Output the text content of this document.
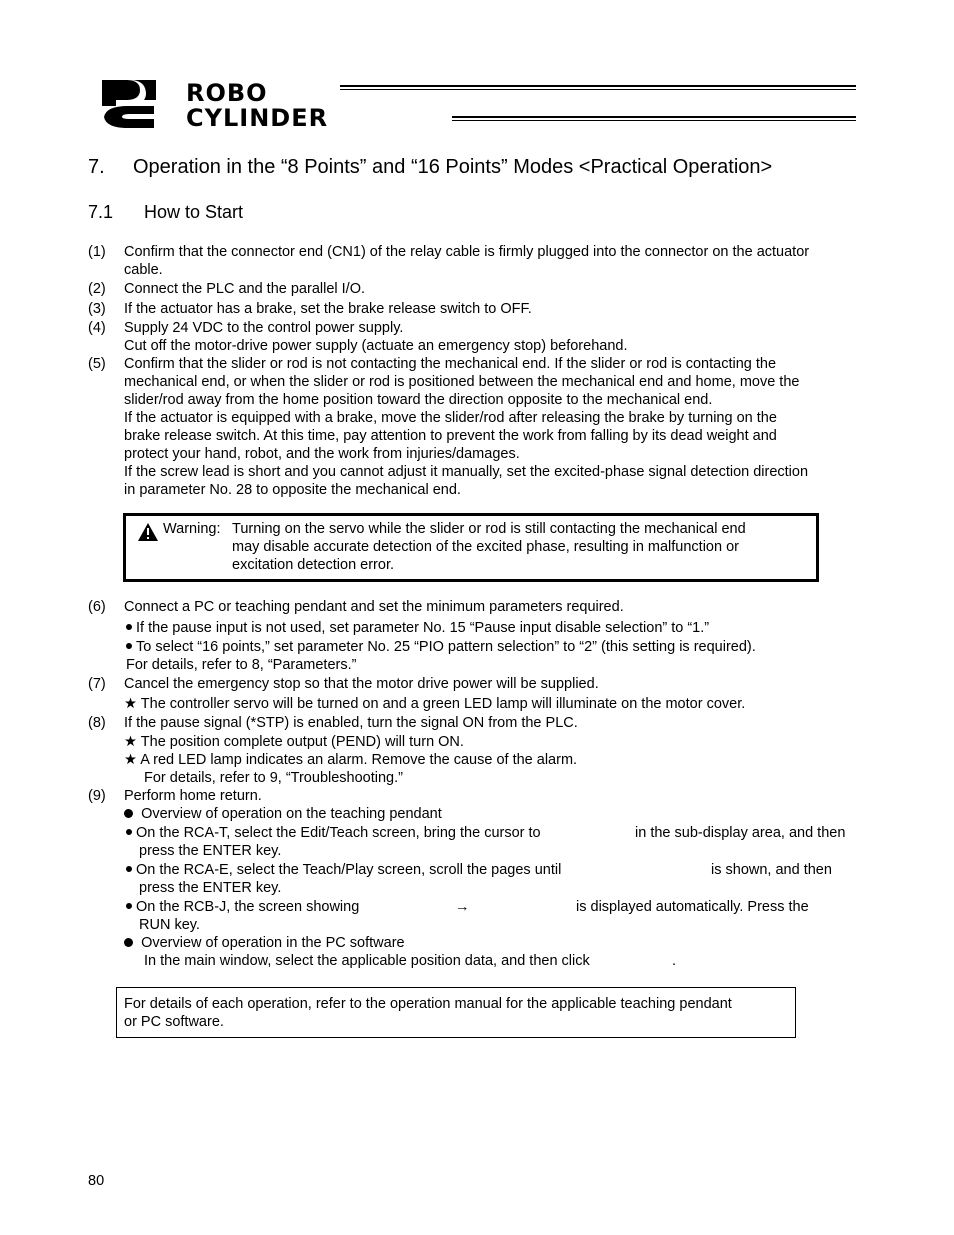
ROBO
CYLINDER
7. Operation in the “8 Points” and “16 Points” Modes <Practical Operation>
7.1 How to Start
(1) Confirm that the connector end (CN1) of the relay cable is firmly plugged into the connector on the actuator
cable.
(2) Connect the PLC and the parallel I/O.
(3) If the actuator has a brake, set the brake release switch to OFF.
(4) Supply 24 VDC to the control power supply.
Cut off the motor-drive power supply (actuate an emergency stop) beforehand.
(5) Confirm that the slider or rod is not contacting the mechanical end. If the slider or rod is contacting the
mechanical end, or when the slider or rod is positioned between the mechanical end and home, move the
slider/rod away from the home position toward the direction opposite to the mechanical end.
If the actuator is equipped with a brake, move the slider/rod after releasing the brake by turning on the
brake release switch. At this time, pay attention to prevent the work from falling by its dead weight and
protect your hand, robot, and the work from injuries/damages.
If the screw lead is short and you cannot adjust it manually, set the excited-phase signal detection direction
in parameter No. 28 to opposite the mechanical end.
Warning: Turning on the servo while the slider or rod is still contacting the mechanical end
may disable accurate detection of the excited phase, resulting in malfunction or
excitation detection error.
(6) Connect a PC or teaching pendant and set the minimum parameters required.
If the pause input is not used, set parameter No. 15 “Pause input disable selection” to “1.”
To select “16 points,” set parameter No. 25 “PIO pattern selection” to “2” (this setting is required).
For details, refer to 8, “Parameters.”
(7) Cancel the emergency stop so that the motor drive power will be supplied.
★ The controller servo will be turned on and a green LED lamp will illuminate on the motor cover.
(8) If the pause signal (*STP) is enabled, turn the signal ON from the PLC.
★ The position complete output (PEND) will turn ON.
★ A red LED lamp indicates an alarm. Remove the cause of the alarm.
For details, refer to 9, “Troubleshooting.”
(9) Perform home return.
Overview of operation on the teaching pendant
On the RCA-T, select the Edit/Teach screen, bring the cursor to	in the sub-display area, and then
press the ENTER key.
On the RCA-E, select the Teach/Play screen, scroll the pages until	is shown, and then
press the ENTER key.
On the RCB-J, the screen showing	→	is displayed automatically. Press the
RUN key.
Overview of operation in the PC software
In the main window, select the applicable position data, and then click	.
For details of each operation, refer to the operation manual for the applicable teaching pendant
or PC software.
80
